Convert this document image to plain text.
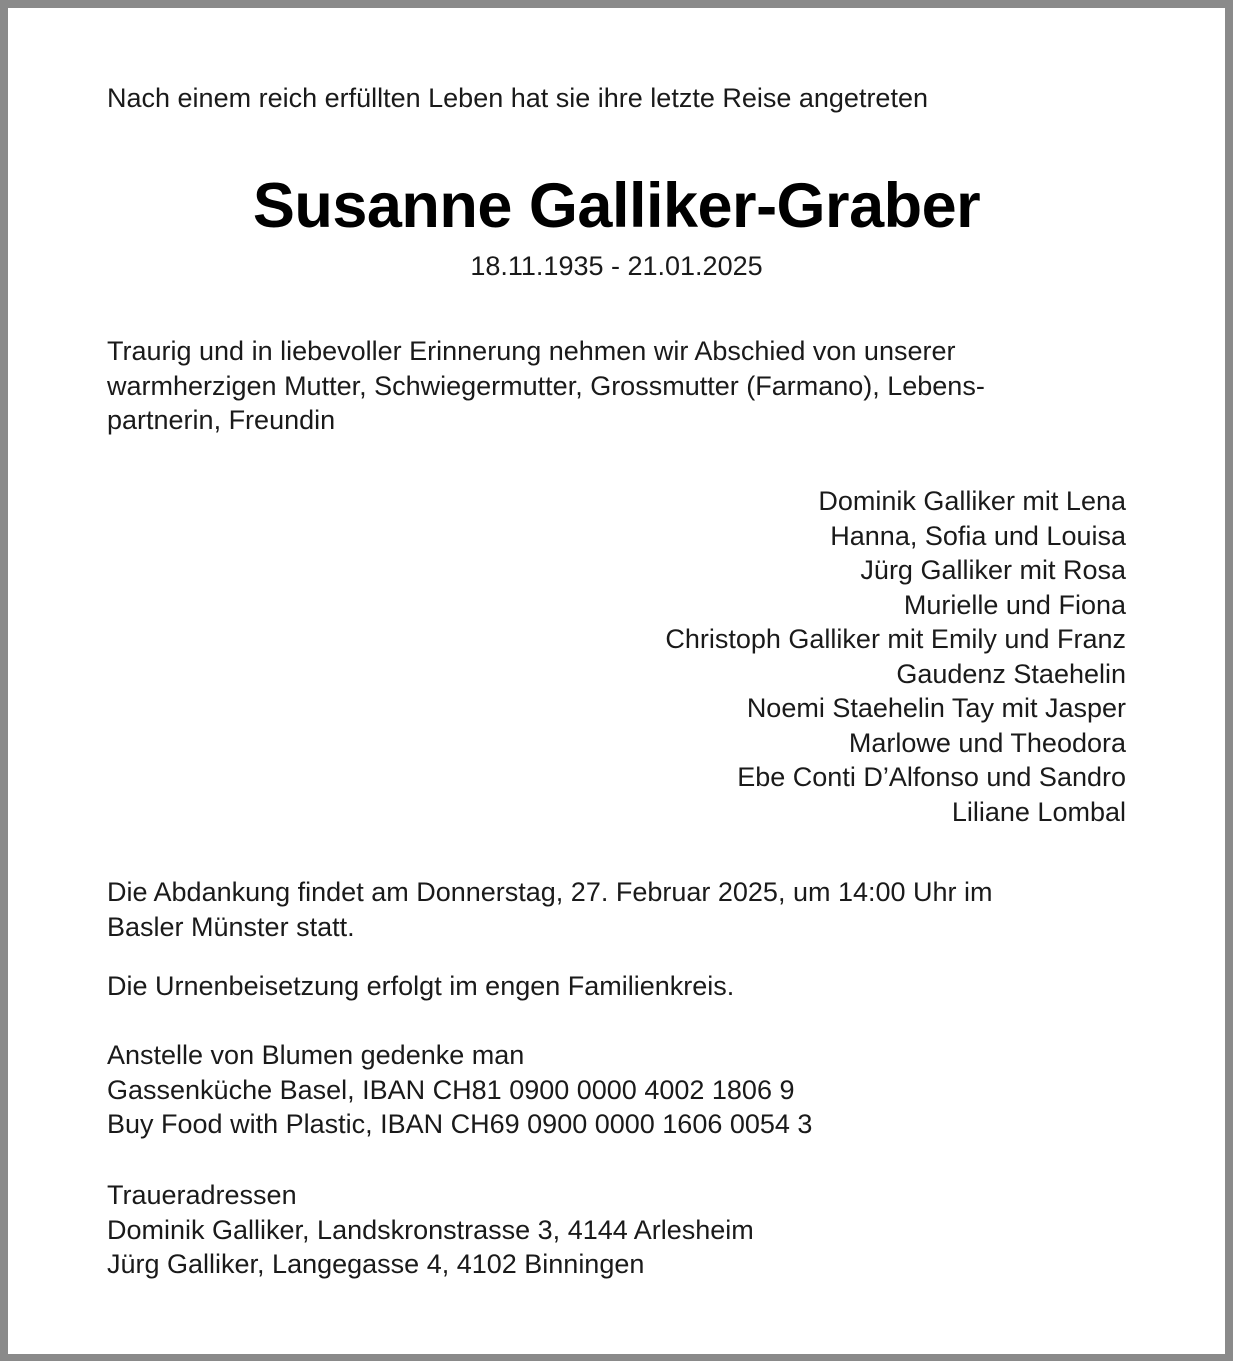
Nach einem reich erfüllten Leben hat sie ihre letzte Reise angetreten
Susanne Galliker-Graber
18.11.1935 - 21.01.2025

Traurig und in liebevoller Erinnerung nehmen wir Abschied von unserer

warmherzigen Mutter, Schwiegermutter, Grossmutter (Farmano), Lebens-

partnerin, Freundin

Dominik Galliker mit Lena
Hanna, Sofia und Louisa
Jürg Galliker mit Rosa
Murielle und Fiona
Christoph Galliker mit Emily und Franz
Gaudenz Staehelin
Noemi Staehelin Tay mit Jasper
Marlowe und Theodora
Ebe Conti D’Alfonso und Sandro
Liliane Lombal

Die Abdankung findet am Donnerstag, 27. Februar 2025, um 14:00 Uhr im

Basler Münster statt.

Die Urnenbeisetzung erfolgt im engen Familienkreis.
Anstelle von Blumen gedenke man
Gassenküche Basel, IBAN CH81 0900 0000 4002 1806 9
Buy Food with Plastic, IBAN CH69 0900 0000 1606 0054 3
Traueradressen
Dominik Galliker, Landskronstrasse 3, 4144 Arlesheim
Jürg Galliker, Langegasse 4, 4102 Binningen
